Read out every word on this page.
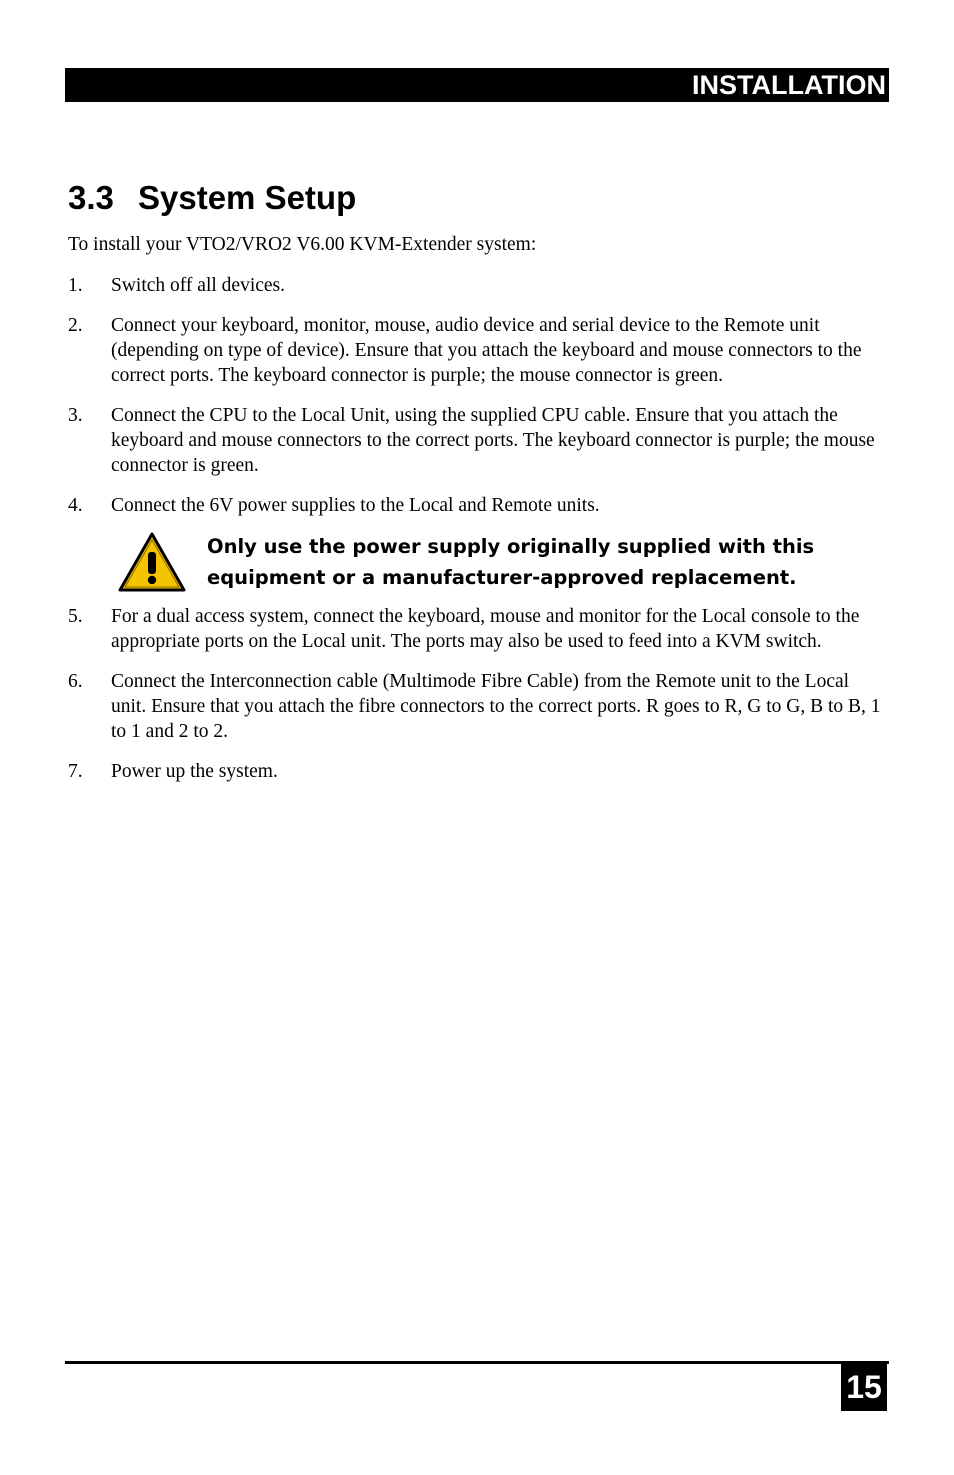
INSTALLATION
3.3 System Setup

To install your VTO2/VRO2 V6.00 KVM-Extender system:

1. Switch off all devices.
2. Connect your keyboard, monitor, mouse, audio device and serial device to the Remote unit (depending on type of device). Ensure that you attach the keyboard and mouse connectors to the correct ports. The keyboard connector is purple; the mouse connector is green.
3. Connect the CPU to the Local Unit, using the supplied CPU cable. Ensure that you attach the keyboard and mouse connectors to the correct ports. The keyboard connector is purple; the mouse connector is green.
4. Connect the 6V power supplies to the Local and Remote units.
Only use the power supply originally supplied with this
equipment or a manufacturer-approved replacement.
5. For a dual access system, connect the keyboard, mouse and monitor for the Local console to the appropriate ports on the Local unit. The ports may also be used to feed into a KVM switch.
6. Connect the Interconnection cable (Multimode Fibre Cable) from the Remote unit to the Local unit. Ensure that you attach the fibre connectors to the correct ports. R goes to R, G to G, B to B, 1 to 1 and 2 to 2.
7. Power up the system.
15
